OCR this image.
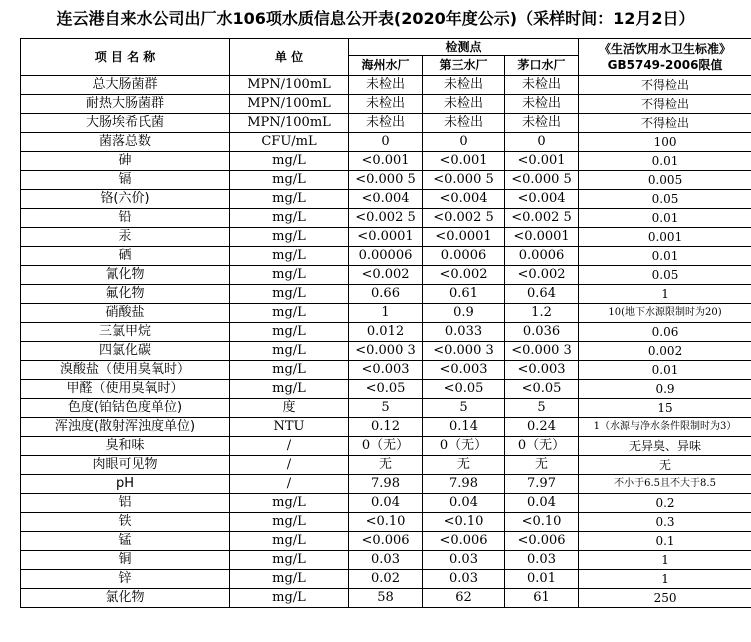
连云港自来水公司出厂水106项水质信息公开表(2020年度公示)（采样时间：12月2日）
项 目 名 称	单 位	检测点			《生活饮用水卫生标准》GB5749-2006限值
		海州水厂	第三水厂	茅口水厂	
总大肠菌群	MPN/100mL	未检出	未检出	未检出	不得检出
耐热大肠菌群	MPN/100mL	未检出	未检出	未检出	不得检出
大肠埃希氏菌	MPN/100mL	未检出	未检出	未检出	不得检出
菌落总数	CFU/mL	0	0	0	100
砷	mg/L	<0.001	<0.001	<0.001	0.01
镉	mg/L	<0.000 5	<0.000 5	<0.000 5	0.005
铬(六价)	mg/L	<0.004	<0.004	<0.004	0.05
铅	mg/L	<0.002 5	<0.002 5	<0.002 5	0.01
汞	mg/L	<0.0001	<0.0001	<0.0001	0.001
硒	mg/L	0.00006	0.0006	0.0006	0.01
氰化物	mg/L	<0.002	<0.002	<0.002	0.05
氟化物	mg/L	0.66	0.61	0.64	1
硝酸盐	mg/L	1	0.9	1.2	10(地下水源限制时为20)
三氯甲烷	mg/L	0.012	0.033	0.036	0.06
四氯化碳	mg/L	<0.000 3	<0.000 3	<0.000 3	0.002
溴酸盐（使用臭氧时）	mg/L	<0.003	<0.003	<0.003	0.01
甲醛（使用臭氧时）	mg/L	<0.05	<0.05	<0.05	0.9
色度(铂钴色度单位)	度	5	5	5	15
浑浊度(散射浑浊度单位)	NTU	0.12	0.14	0.24	1（水源与净水条件限制时为3）
臭和味	/	0（无）	0（无）	0（无）	无异臭、异味
肉眼可见物	/	无	无	无	无
pH	/	7.98	7.98	7.97	不小于6.5且不大于8.5
铝	mg/L	0.04	0.04	0.04	0.2
铁	mg/L	<0.10	<0.10	<0.10	0.3
锰	mg/L	<0.006	<0.006	<0.006	0.1
铜	mg/L	0.03	0.03	0.03	1
锌	mg/L	0.02	0.03	0.01	1
氯化物	mg/L	58	62	61	250
